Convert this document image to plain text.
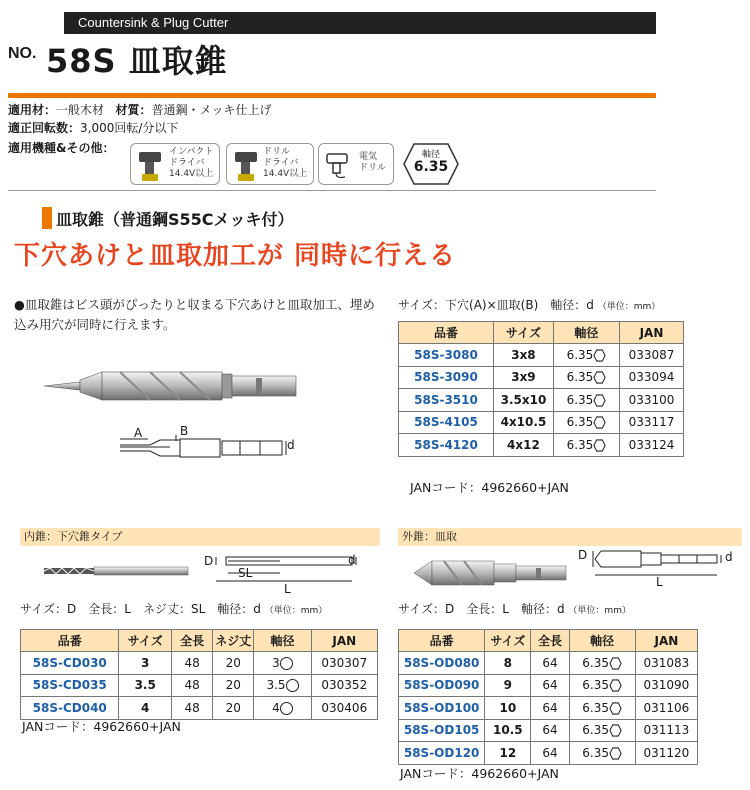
Countersink & Plug Cutter
NO. 58S 皿取錐
適用材：一般木材 材質：普通鋼・メッキ仕上げ
適正回転数：3,000回転/分以下
適用機種&その他：	インパクト
ドライバ
14.4V以上
ドリル
ドライバ
14.4V以上
電気
ドリル
軸径
6.35
皿取錐（普通鋼S55Cメッキ付）
下穴あけと皿取加工が 同時に行える
●皿取錐はビス頭がぴったりと収まる下穴あけと皿取加工、埋め込み用穴が同時に行えます。
A	B
d
サイズ：下穴(A)×皿取(B)　軸径：d （単位：mm）
品番	サイズ	軸径	JAN
58S-3080	3x8	6.35	033087
58S-3090	3x9	6.35	033094
58S-3510	3.5x10	6.35	033100
58S-4105	4x10.5	6.35	033117
58S-4120	4x12	6.35	033124
JANコード：4962660+JAN
内錐：下穴錐タイプ
D	d
SL
L
サイズ：D　全長：L　ネジ丈：SL　軸径：d （単位：mm）
品番	サイズ	全長	ネジ丈	軸径	JAN
58S-CD030	3	48	20	3	030307
58S-CD035	3.5	48	20	3.5	030352
58S-CD040	4	48	20	4	030406
JANコード：4962660+JAN
外錐：皿取
D	d
L
サイズ：D　全長：L　軸径：d （単位：mm）
品番	サイズ	全長	軸径	JAN
58S-OD080	8	64	6.35	031083
58S-OD090	9	64	6.35	031090
58S-OD100	10	64	6.35	031106
58S-OD105	10.5	64	6.35	031113
58S-OD120	12	64	6.35	031120
JANコード：4962660+JAN
